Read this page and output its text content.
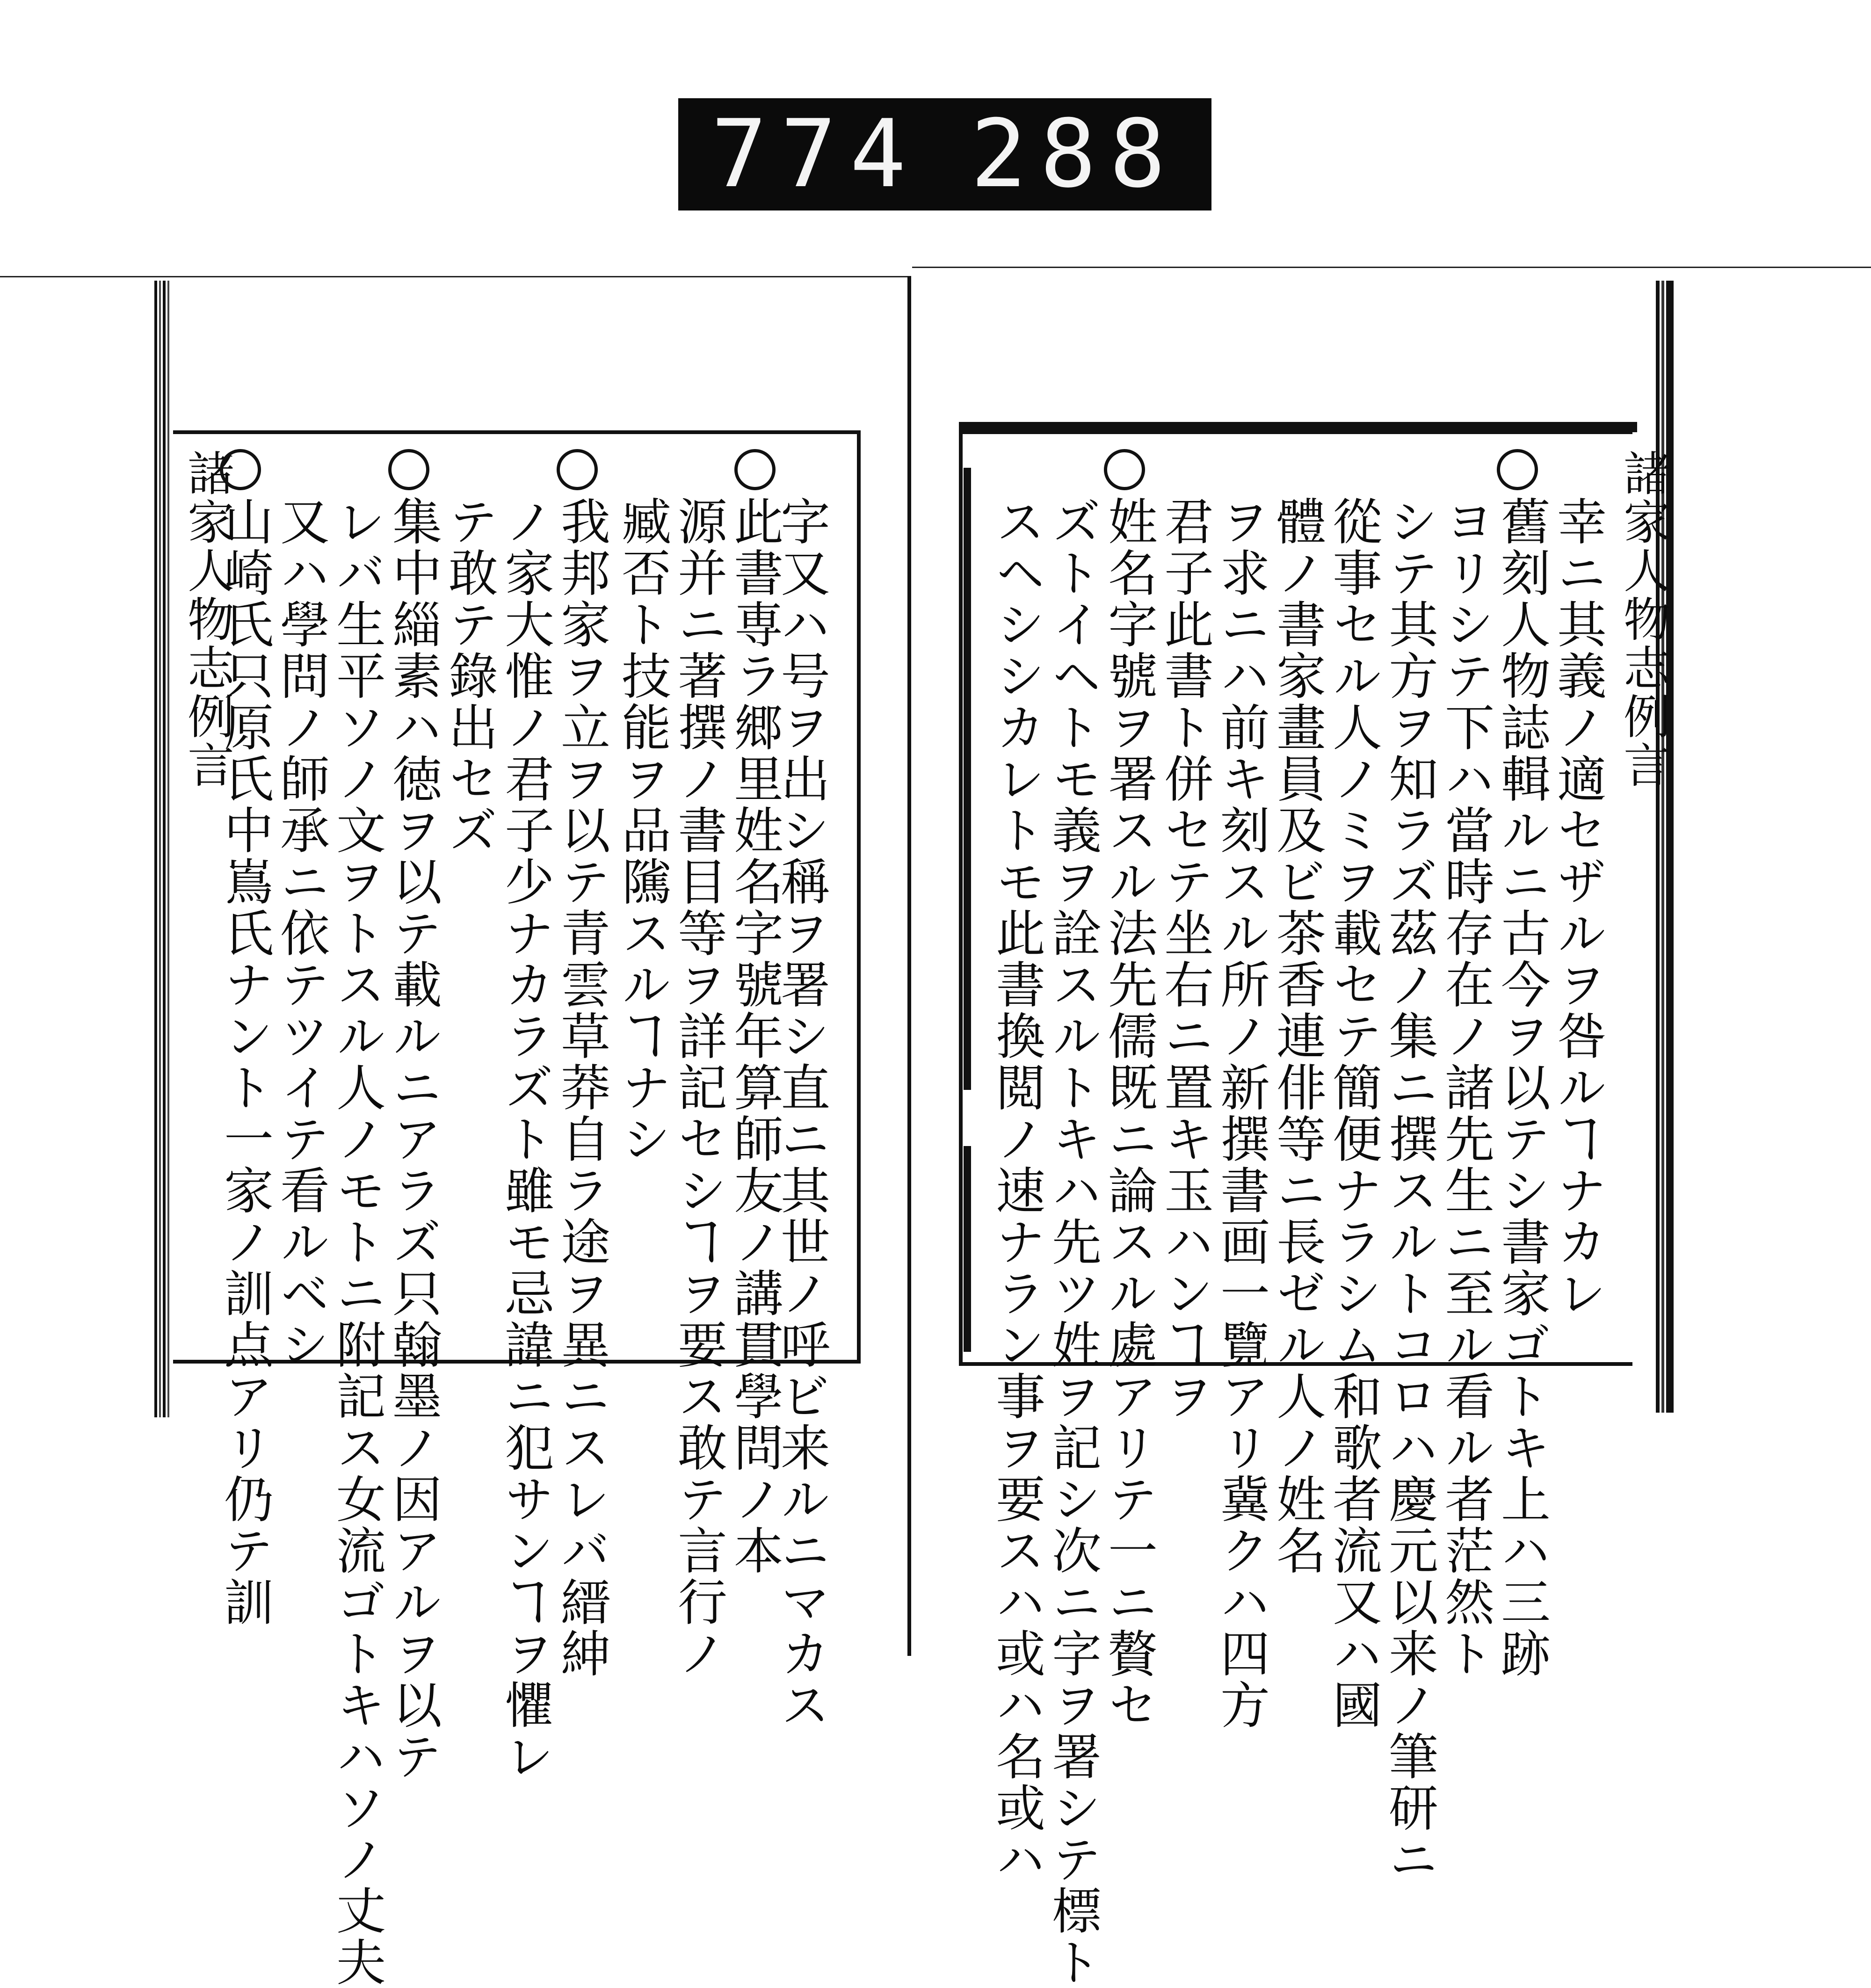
774 288
諸家人物志例言	諸家人物志例言
字又ハ号ヲ出シ稱ヲ署シ直ニ其世ノ呼ビ来ルニマカス
此書専ラ郷里姓名字號年算師友ノ講貫學問ノ本
源并ニ著撰ノ書目等ヲ詳記セシヿヲ要ス敢テ言行ノ
臧否ト技能ヲ品隲スルヿナシ
我邦家ヲ立ヲ以テ青雲草莽自ラ途ヲ異ニスレバ縉紳
ノ家大惟ノ君子少ナカラズト雖モ忌諱ニ犯サンヿヲ懼レ
テ敢テ錄出セズ
集中緇素ハ徳ヲ以テ載ルニアラズ只翰墨ノ因アルヲ以テ
レバ生平ソノ文ヲトスル人ノモトニ附記ス女流ゴトキハソノ丈夫
又ハ學問ノ師承ニ依テツイテ看ルベシ
山崎氏只原氏中嶌氏ナント一家ノ訓点アリ仍テ訓	幸ニ其義ノ適セザルヲ咎ルヿナカレ
舊刻人物誌輯ルニ古今ヲ以テシ書家ゴトキ上ハ三跡
ヨリシテ下ハ當時存在ノ諸先生ニ至ル看ル者茫然ト
シテ其方ヲ知ラズ茲ノ集ニ撰スルトコロハ慶元以来ノ筆研ニ
從事セル人ノミヲ載セテ簡便ナラシム和歌者流又ハ國
體ノ書家畫員及ビ茶香連俳等ニ長ゼル人ノ姓名
ヲ求ニハ前キ刻スル所ノ新撰書画一覽アリ冀クハ四方
君子此書ト併セテ坐右ニ置キ玉ハンヿヲ
姓名字號ヲ署スル法先儒既ニ論スル處アリテ一ニ贅セ
ズトイヘトモ義ヲ詮スルトキハ先ツ姓ヲ記シ次ニ字ヲ署シテ標ト
スヘシシカレトモ此書換閲ノ速ナラン事ヲ要スハ或ハ名或ハ
